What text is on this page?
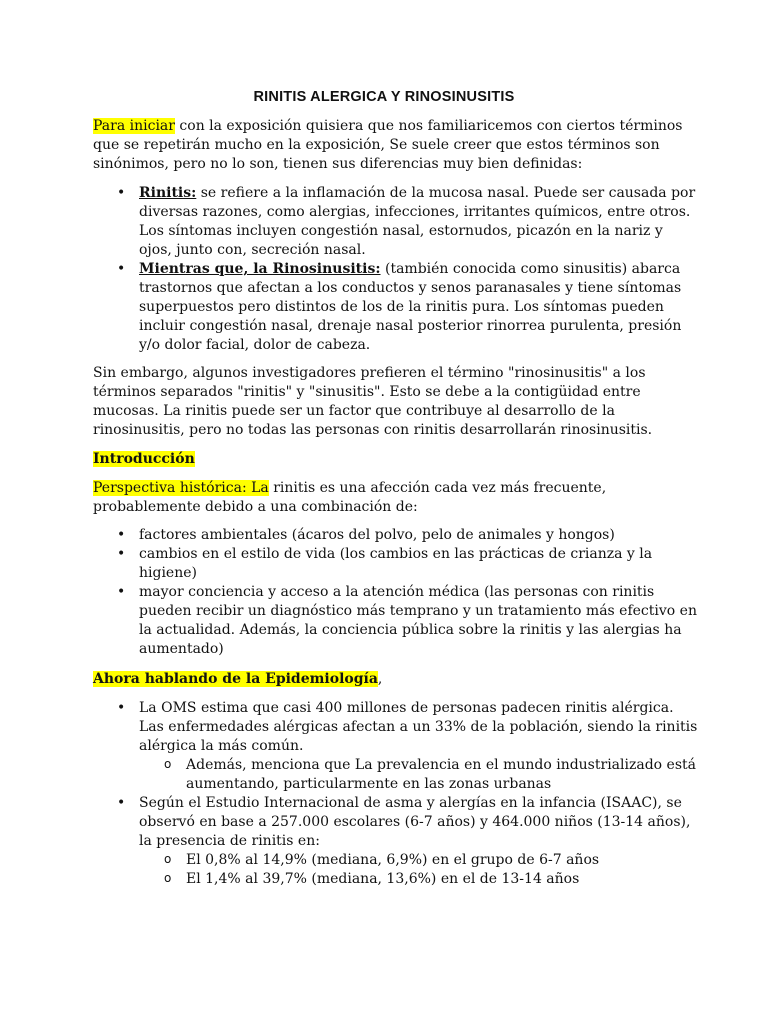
RINITIS ALERGICA Y RINOSINUSITIS

Para iniciar con la exposición quisiera que nos familiaricemos con ciertos términos que se repetirán mucho en la exposición, Se suele creer que estos términos son sinónimos, pero no lo son, tienen sus diferencias muy bien definidas:

• Rinitis: se refiere a la inflamación de la mucosa nasal. Puede ser causada por diversas razones, como alergias, infecciones, irritantes químicos, entre otros. Los síntomas incluyen congestión nasal, estornudos, picazón en la nariz y ojos, junto con, secreción nasal.
• Mientras que, la Rinosinusitis: (también conocida como sinusitis) abarca trastornos que afectan a los conductos y senos paranasales y tiene síntomas superpuestos pero distintos de los de la rinitis pura. Los síntomas pueden incluir congestión nasal, drenaje nasal posterior rinorrea purulenta, presión y/o dolor facial, dolor de cabeza.

Sin embargo, algunos investigadores prefieren el término "rinosinusitis" a los términos separados "rinitis" y "sinusitis". Esto se debe a la contigüidad entre mucosas. La rinitis puede ser un factor que contribuye al desarrollo de la rinosinusitis, pero no todas las personas con rinitis desarrollarán rinosinusitis.

Introducción

Perspectiva histórica: La rinitis es una afección cada vez más frecuente, probablemente debido a una combinación de:

• factores ambientales (ácaros del polvo, pelo de animales y hongos)
• cambios en el estilo de vida (los cambios en las prácticas de crianza y la higiene)
• mayor conciencia y acceso a la atención médica (las personas con rinitis pueden recibir un diagnóstico más temprano y un tratamiento más efectivo en la actualidad. Además, la conciencia pública sobre la rinitis y las alergias ha aumentado)

Ahora hablando de la Epidemiología,

• La OMS estima que casi 400 millones de personas padecen rinitis alérgica. Las enfermedades alérgicas afectan a un 33% de la población, siendo la rinitis alérgica la más común.
o Además, menciona que La prevalencia en el mundo industrializado está aumentando, particularmente en las zonas urbanas
• Según el Estudio Internacional de asma y alergías en la infancia (ISAAC), se observó en base a 257.000 escolares (6-7 años) y 464.000 niños (13-14 años), la presencia de rinitis en:
o El 0,8% al 14,9% (mediana, 6,9%) en el grupo de 6-7 años
o El 1,4% al 39,7% (mediana, 13,6%) en el de 13-14 años
